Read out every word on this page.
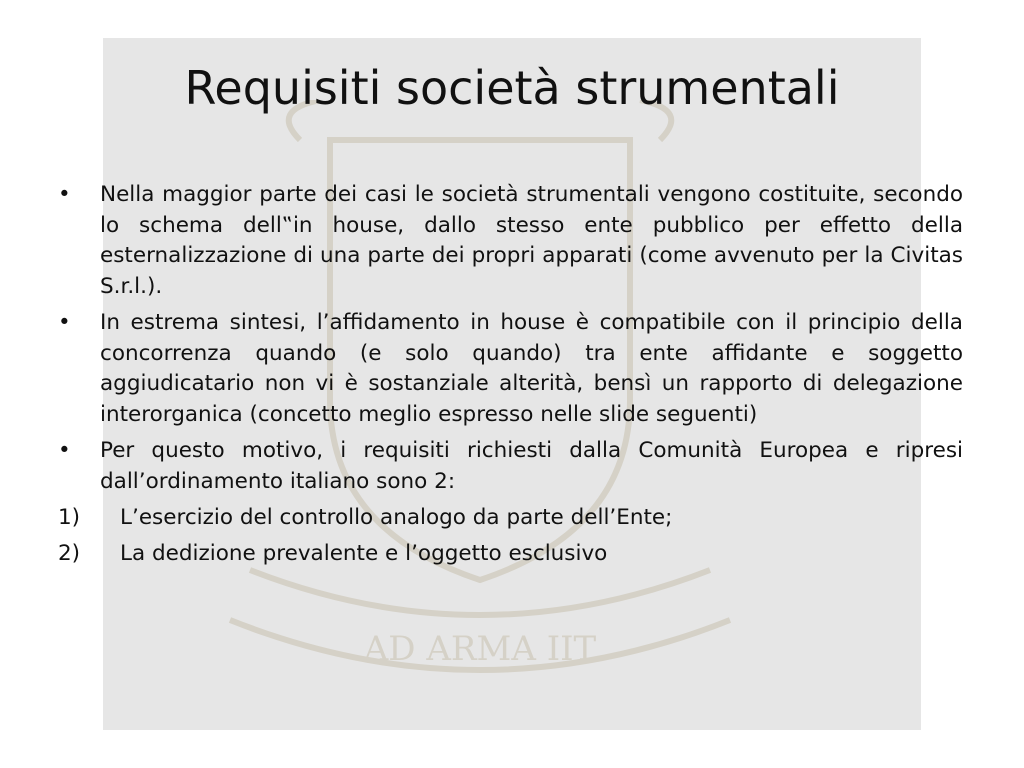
AD ARMA IIT
Requisiti società strumentali
•	Nella maggior parte dei casi le società strumentali vengono costituite, secondo lo schema dell‟in house, dallo stesso ente pubblico per effetto della esternalizzazione di una parte dei propri apparati (come avvenuto per la Civitas S.r.l.).
•	In estrema sintesi, l’affidamento in house è compatibile con il principio della concorrenza quando (e solo quando) tra ente affidante e soggetto aggiudicatario non vi è sostanziale alterità, bensì un rapporto di delegazione interorganica (concetto meglio espresso nelle slide seguenti)
•	Per questo motivo, i requisiti richiesti dalla Comunità Europea e ripresi dall’ordinamento italiano sono 2:
1) L’esercizio del controllo analogo da parte dell’Ente;
2) La dedizione prevalente e l’oggetto esclusivo
